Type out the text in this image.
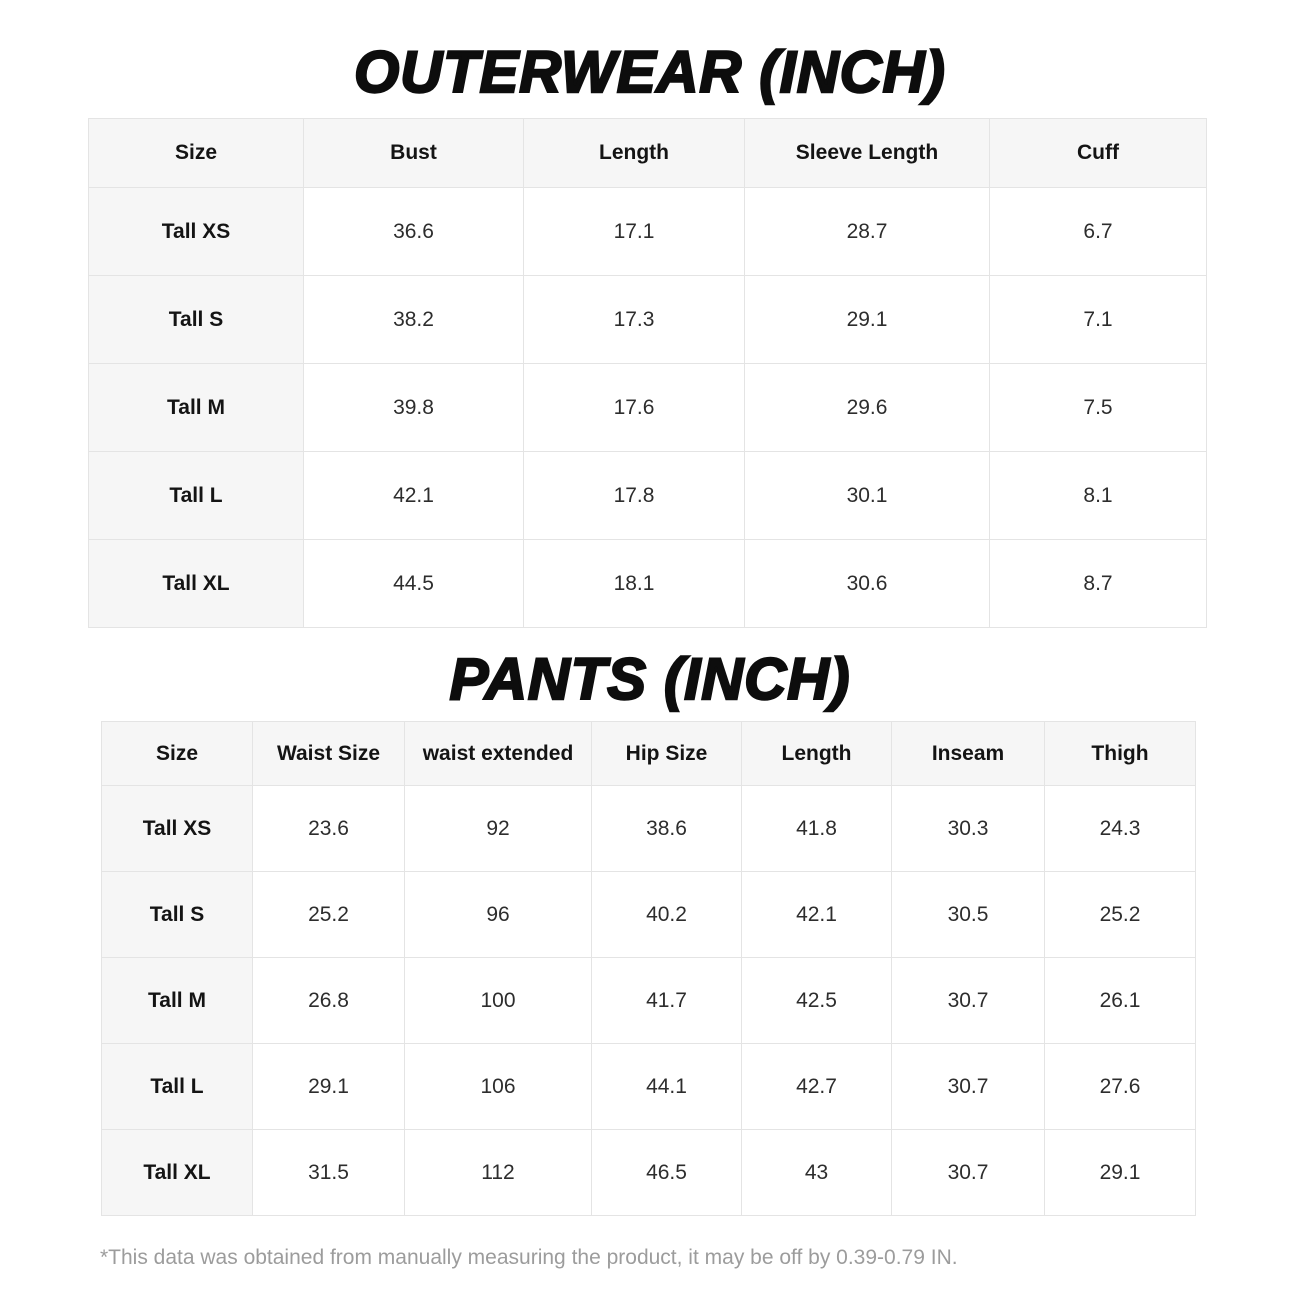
OUTERWEAR (INCH)
Size	Bust	Length	Sleeve Length	Cuff
Tall XS	36.6	17.1	28.7	6.7
Tall S	38.2	17.3	29.1	7.1
Tall M	39.8	17.6	29.6	7.5
Tall L	42.1	17.8	30.1	8.1
Tall XL	44.5	18.1	30.6	8.7
PANTS (INCH)
Size	Waist Size	waist extended	Hip Size	Length	Inseam	Thigh
Tall XS	23.6	92	38.6	41.8	30.3	24.3
Tall S	25.2	96	40.2	42.1	30.5	25.2
Tall M	26.8	100	41.7	42.5	30.7	26.1
Tall L	29.1	106	44.1	42.7	30.7	27.6
Tall XL	31.5	112	46.5	43	30.7	29.1
*This data was obtained from manually measuring the product, it may be off by 0.39-0.79 IN.
